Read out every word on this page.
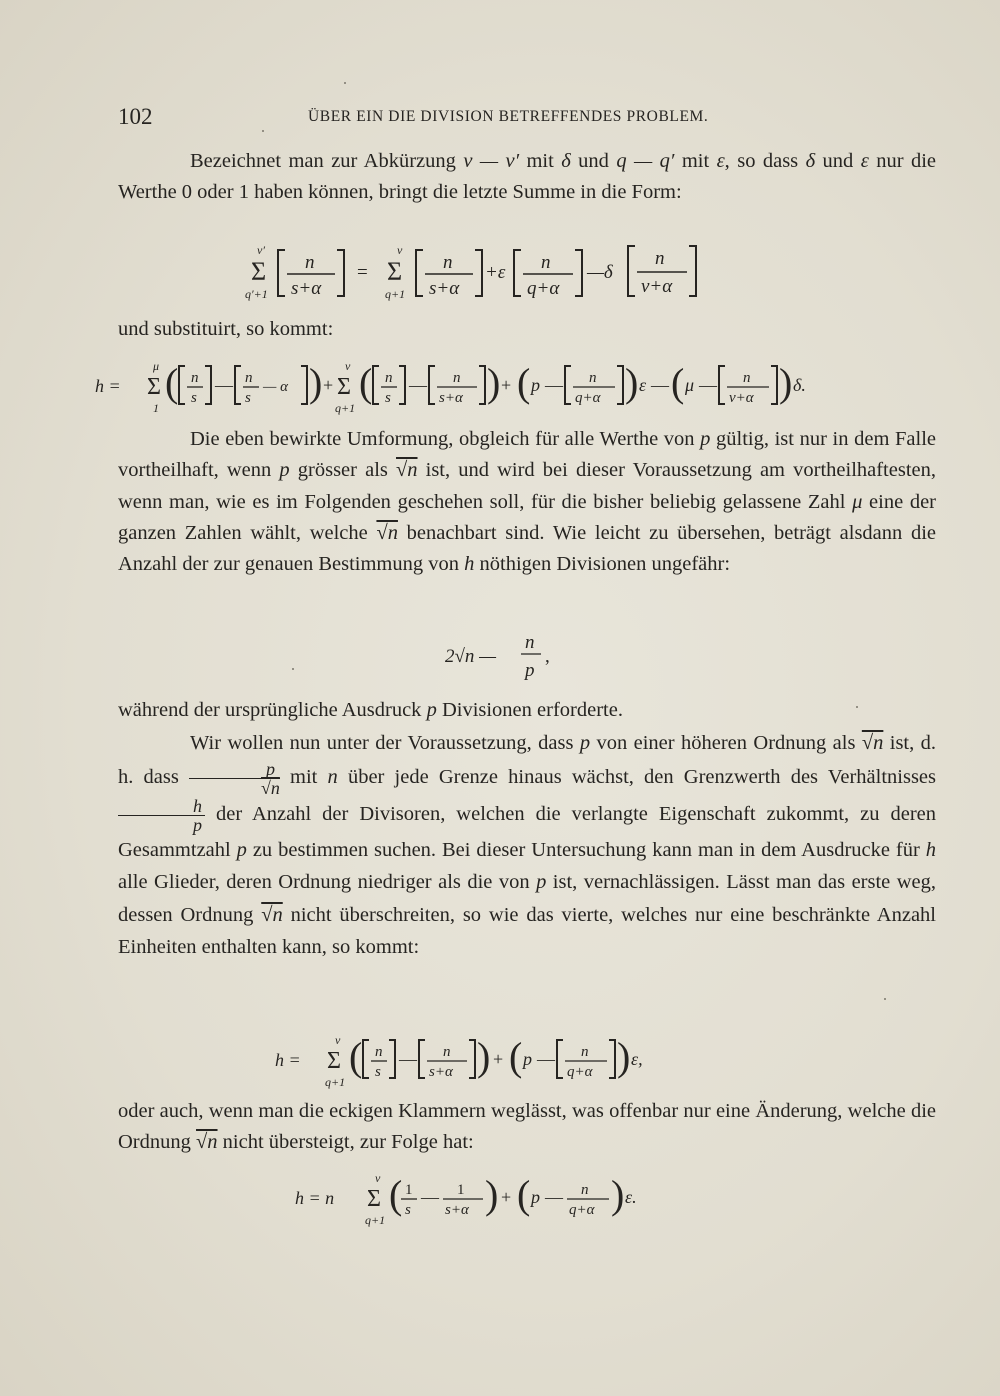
102	ÜBER EIN DIE DIVISION BETREFFENDES PROBLEM.
Bezeichnet man zur Abkürzung ν — ν′ mit δ und q — q′ mit ε, so dass δ und ε nur die Werthe 0 oder 1 haben können, bringt die letzte Summe in die Form:
ν′
Σ
q′+1
n
s+α
=
ν
Σ
q+1
n
s+α
+ε n
q+α
—δ
n
ν+α
und substituirt, so kommt:
h =
μ
Σ
1
( n
s
— n
s
— α ) +
ν
Σ
q+1
( n
s
— n
s+α ) + ( p — n
q+α ) ε — ( μ — n
ν+α ) δ.
Die eben bewirkte Umformung, obgleich für alle Werthe von p gültig, ist nur in dem Falle vortheilhaft, wenn p grösser als √n ist, und wird bei dieser Voraussetzung am vortheilhaftesten, wenn man, wie es im Folgenden geschehen soll, für die bisher beliebig gelassene Zahl μ eine der ganzen Zahlen wählt, welche √n benachbart sind. Wie leicht zu übersehen, beträgt alsdann die Anzahl der zur genauen Bestimmung von h nöthigen Divisionen ungefähr:
2√n —
n
p
,
während der ursprüngliche Ausdruck p Divisionen erforderte.
Wir wollen nun unter der Voraussetzung, dass p von einer höheren Ordnung als √n ist, d. h. dass $\frac{p}{√n}$ mit n über jede Grenze hinaus wächst, den Grenzwerth des Verhältnisses
$\frac{h}{p}$ der Anzahl der Divisoren, welchen die verlangte Eigenschaft zukommt, zu deren Gesammtzahl p zu bestimmen suchen. Bei dieser Untersuchung kann man in dem Ausdrucke für h alle Glieder, deren Ordnung niedriger als die von p ist, vernachlässigen. Lässt man das erste weg, dessen Ordnung √n nicht überschreiten, so wie das vierte, welches nur eine beschränkte Anzahl Einheiten enthalten kann, so kommt:
h =
ν
Σ
q+1
( n
s
— n
s+α ) + ( p — n
q+α ) ε,
oder auch, wenn man die eckigen Klammern weglässt, was offenbar nur eine Änderung, welche die Ordnung √n nicht übersteigt, zur Folge hat:
h = n
ν
Σ
q+1
( 1
s
— 1
s+α ) + ( p — n
q+α ) ε.
